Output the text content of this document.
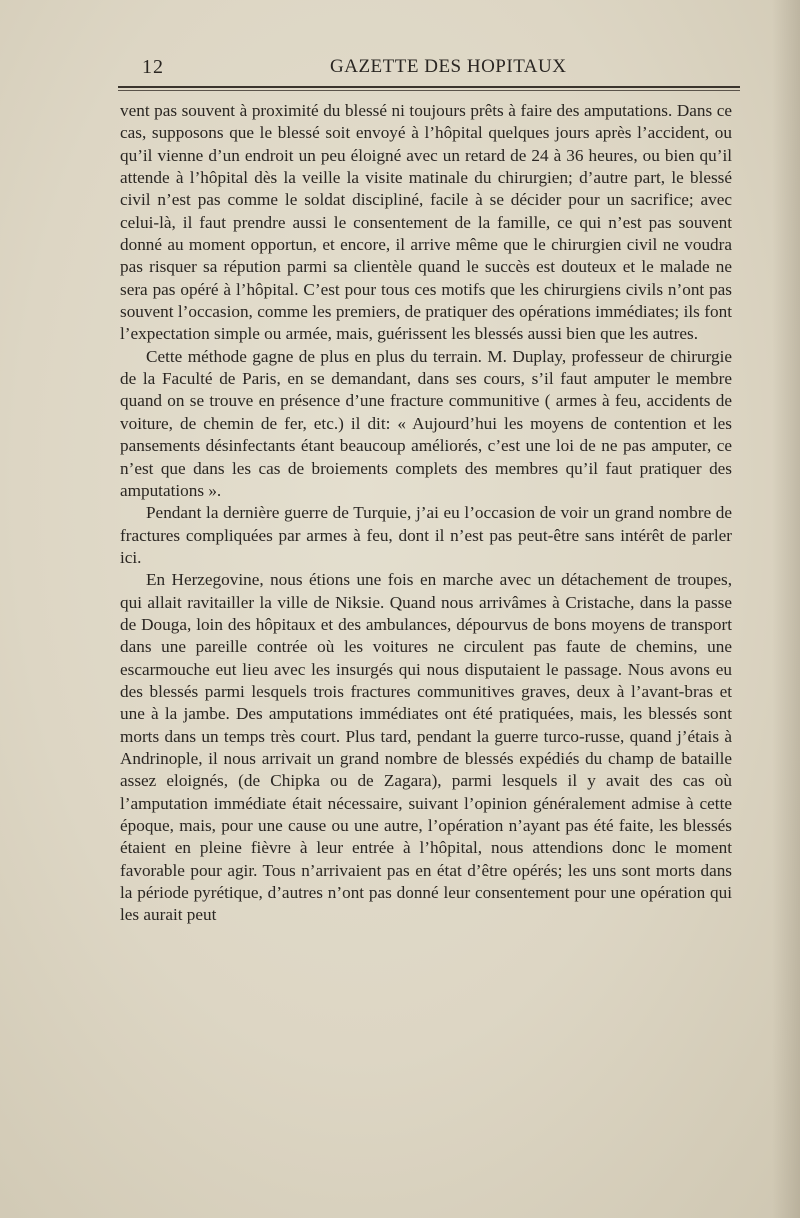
12	GAZETTE DES HOPITAUX

vent pas souvent à proximité du blessé ni toujours prêts à faire des amputations. Dans ce cas, supposons que le blessé soit envoyé à l’hôpital quelques jours après l’accident, ou qu’il vienne d’un endroit un peu éloigné avec un retard de 24 à 36 heures, ou bien qu’il attende à l’hôpital dès la veille la visite matinale du chirurgien; d’autre part, le blessé civil n’est pas comme le soldat discipliné, facile à se décider pour un sacrifice; avec celui-là, il faut prendre aussi le consentement de la famille, ce qui n’est pas souvent donné au moment opportun, et encore, il arrive même que le chirurgien civil ne voudra pas risquer sa répution parmi sa clientèle quand le succès est douteux et le malade ne sera pas opéré à l’hôpital. C’est pour tous ces motifs que les chirurgiens civils n’ont pas souvent l’occasion, comme les premiers, de pratiquer des opérations immédiates; ils font l’expectation simple ou armée, mais, guérissent les blessés aussi bien que les autres.

Cette méthode gagne de plus en plus du terrain. M. Duplay, professeur de chirurgie de la Faculté de Paris, en se demandant, dans ses cours, s’il faut amputer le membre quand on se trouve en présence d’une fracture communitive ( armes à feu, accidents de voiture, de chemin de fer, etc.) il dit: « Aujourd’hui les moyens de contention et les pansements désinfectants étant beaucoup améliorés, c’est une loi de ne pas amputer, ce n’est que dans les cas de broiements complets des membres qu’il faut pratiquer des amputations ».

Pendant la dernière guerre de Turquie, j’ai eu l’occasion de voir un grand nombre de fractures compliquées par armes à feu, dont il n’est pas peut-être sans intérêt de parler ici.

En Herzegovine, nous étions une fois en marche avec un détachement de troupes, qui allait ravitailler la ville de Niksie. Quand nous arrivâmes à Cristache, dans la passe de Douga, loin des hôpitaux et des ambulances, dépourvus de bons moyens de transport dans une pareille contrée où les voitures ne circulent pas faute de chemins, une escarmouche eut lieu avec les insurgés qui nous disputaient le passage. Nous avons eu des blessés parmi lesquels trois fractures communitives graves, deux à l’avant-bras et une à la jambe. Des amputations immédiates ont été pratiquées, mais, les blessés sont morts dans un temps très court. Plus tard, pendant la guerre turco-russe, quand j’étais à Andrinople, il nous arrivait un grand nombre de blessés expédiés du champ de bataille assez eloignés, (de Chipka ou de Zagara), parmi lesquels il y avait des cas où l’amputation immédiate était nécessaire, suivant l’opinion généralement admise à cette époque, mais, pour une cause ou une autre, l’opération n’ayant pas été faite, les blessés étaient en pleine fièvre à leur entrée à l’hôpital, nous attendions donc le moment favorable pour agir. Tous n’arrivaient pas en état d’être opérés; les uns sont morts dans la période pyrétique, d’autres n’ont pas donné leur consentement pour une opération qui les aurait peut
